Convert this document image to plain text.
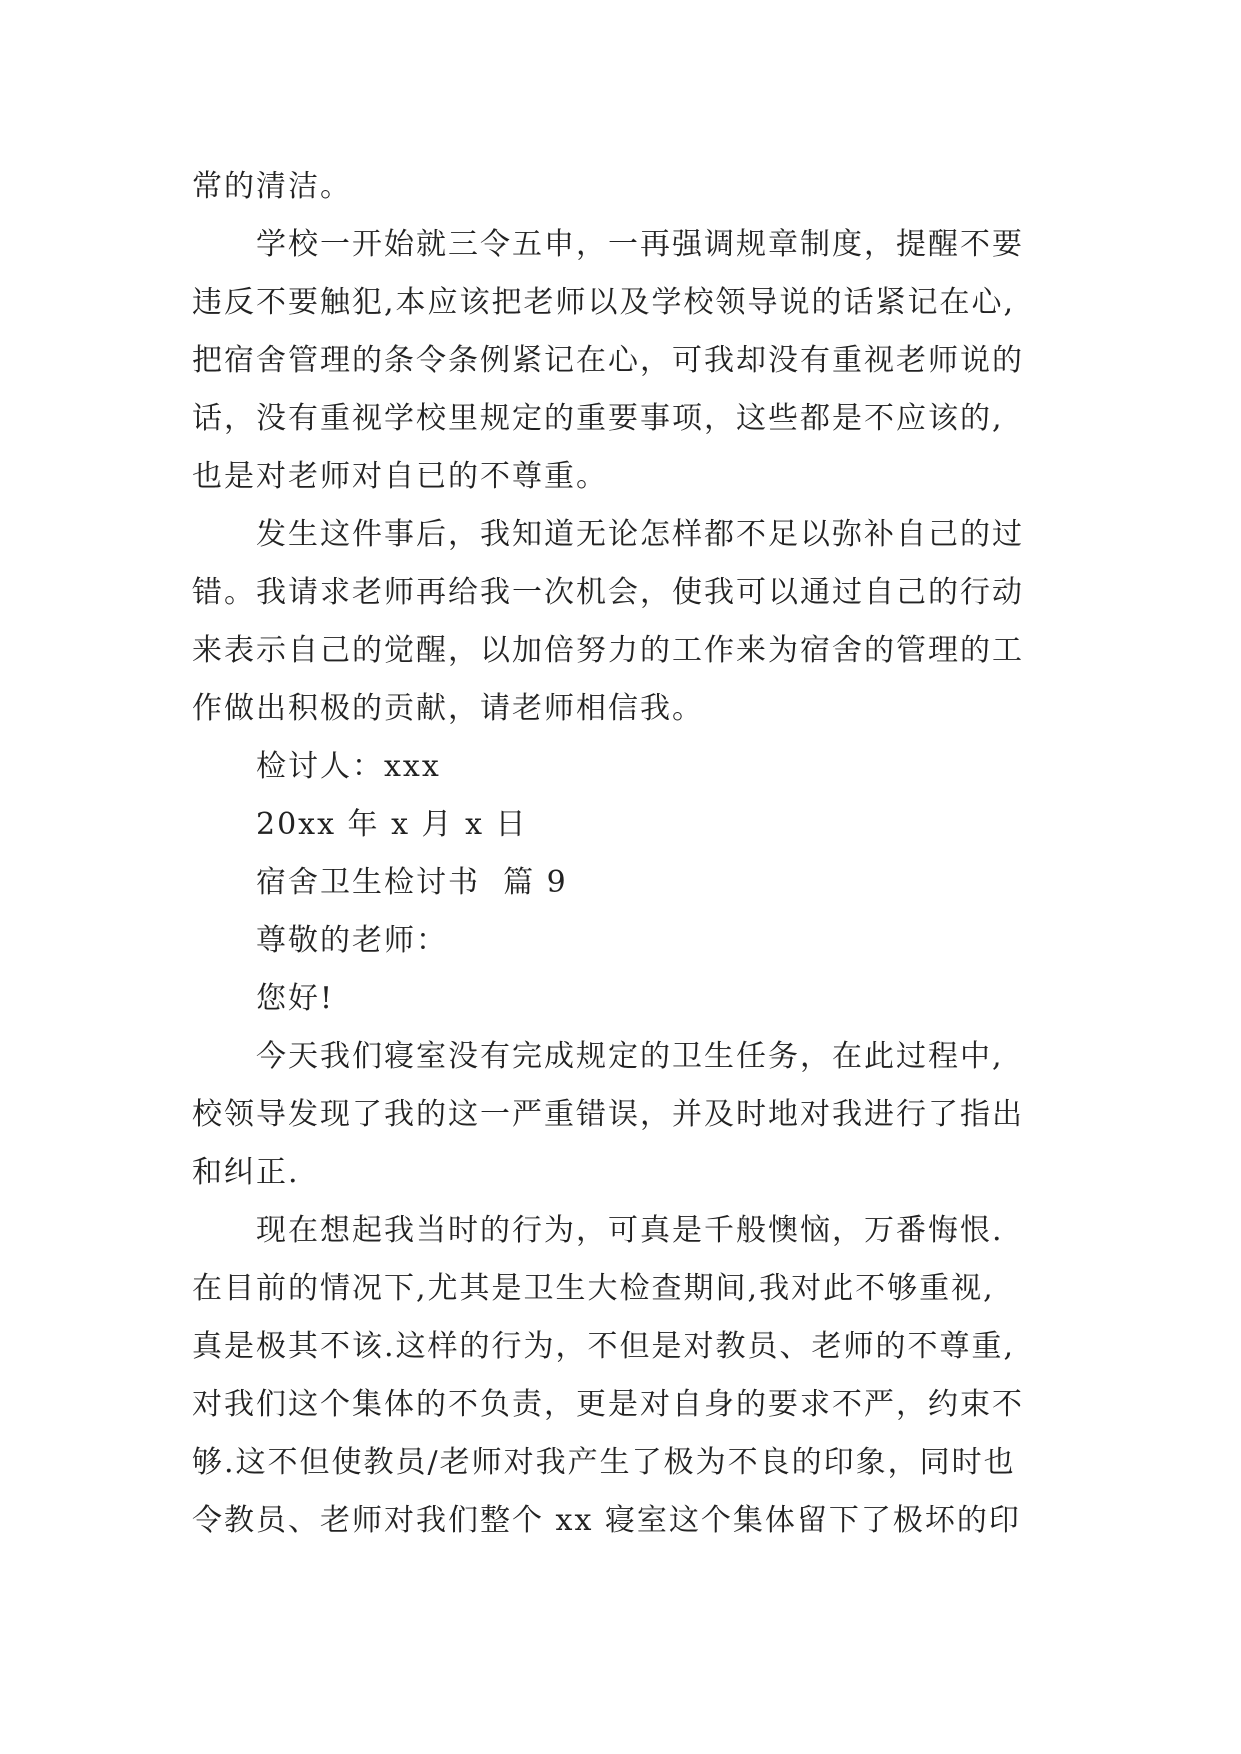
常的清洁。
学校一开始就三令五申，一再强调规章制度，提醒不要
违反不要触犯,本应该把老师以及学校领导说的话紧记在心,
把宿舍管理的条令条例紧记在心，可我却没有重视老师说的
话，没有重视学校里规定的重要事项，这些都是不应该的,
也是对老师对自已的不尊重。
发生这件事后，我知道无论怎样都不足以弥补自己的过
错。我请求老师再给我一次机会，使我可以通过自己的行动
来表示自己的觉醒，以加倍努力的工作来为宿舍的管理的工
作做出积极的贡献，请老师相信我。
检讨人：xxx
20xx 年 x 月 x 日
宿舍卫生检讨书  篇 9
尊敬的老师：
您好!
今天我们寝室没有完成规定的卫生任务，在此过程中,
校领导发现了我的这一严重错误，并及时地对我进行了指出
和纠正.
现在想起我当时的行为，可真是千般懊恼，万番悔恨.
在目前的情况下,尤其是卫生大检查期间,我对此不够重视,
真是极其不该.这样的行为，不但是对教员、老师的不尊重,
对我们这个集体的不负责，更是对自身的要求不严，约束不
够.这不但使教员/老师对我产生了极为不良的印象，同时也
令教员、老师对我们整个 xx 寝室这个集体留下了极坏的印
